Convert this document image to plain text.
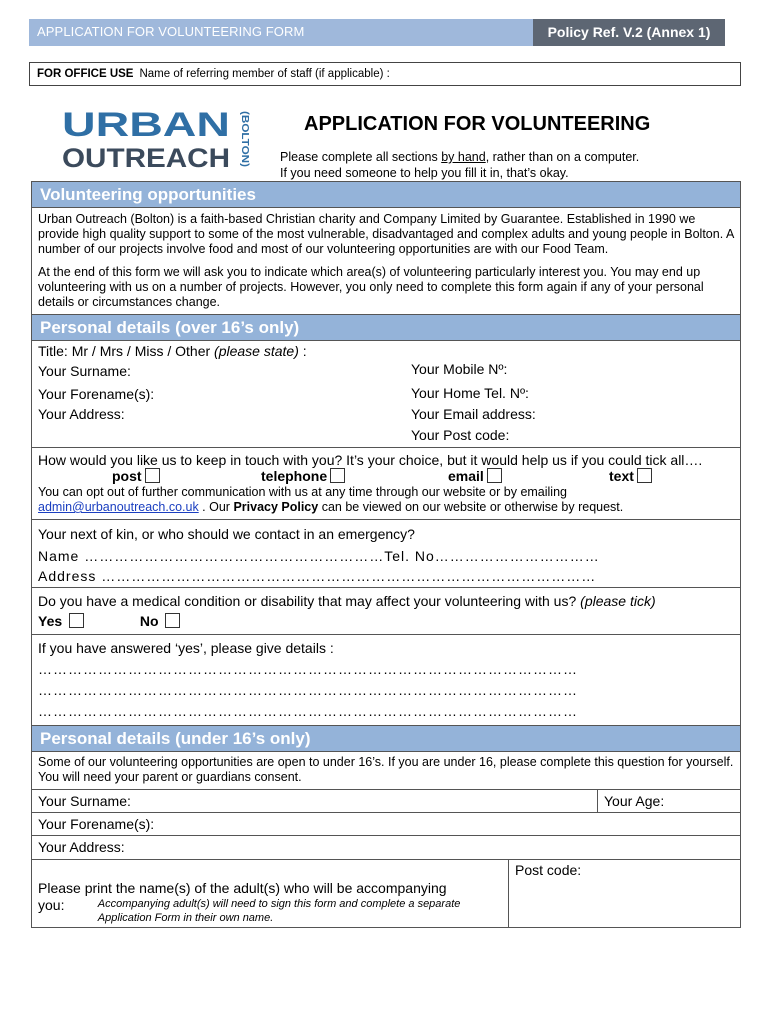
APPLICATION FOR VOLUNTEERING FORM	Policy Ref. V.2 (Annex 1)
FOR OFFICE USE Name of referring member of staff (if applicable) :
URBAN
OUTREACH (BOLTON)	APPLICATION FOR VOLUNTEERING
Please complete all sections by hand, rather than on a computer.
If you need someone to help you fill it in, that’s okay.
Volunteering opportunities
Urban Outreach (Bolton) is a faith-based Christian charity and Company Limited by Guarantee. Established in 1990 we provide high quality support to some of the most vulnerable, disadvantaged and complex adults and young people in Bolton. A number of our projects involve food and most of our volunteering opportunities are with our Food Team.
At the end of this form we will ask you to indicate which area(s) of volunteering particularly interest you. You may end up volunteering with us on a number of projects. However, you only need to complete this form again if any of your personal details or circumstances change.
Personal details (over 16’s only)
Title: Mr / Mrs / Miss / Other (please state) :
Your Surname:	Your Mobile Nº:
Your Forename(s):	Your Home Tel. Nº:
Your Address:	Your Email address:
Your Post code:
How would you like us to keep in touch with you? It’s your choice, but it would help us if you could tick all….
post	telephone	email	text
You can opt out of further communication with us at any time through our website or by emailing
admin@urbanoutreach.co.uk . Our Privacy Policy can be viewed on our website or otherwise by request.
Your next of kin, or who should we contact in an emergency?
Name ……………………………………………………Tel. No……………………………
Address ………………………………………………………………………………………
Do you have a medical condition or disability that may affect your volunteering with us? (please tick)
Yes	No
If you have answered ‘yes’, please give details :
………………………………………………………………………………………………
………………………………………………………………………………………………
………………………………………………………………………………………………
Personal details (under 16’s only)
Some of our volunteering opportunities are open to under 16’s. If you are under 16, please complete this question for yourself. You will need your parent or guardians consent.
Your Surname:	Your Age:
Your Forename(s):
Your Address:
Please print the name(s) of the adult(s) who will be accompanying
you:	Accompanying adult(s) will need to sign this form and complete a separate Application Form in their own name.
Post code:
